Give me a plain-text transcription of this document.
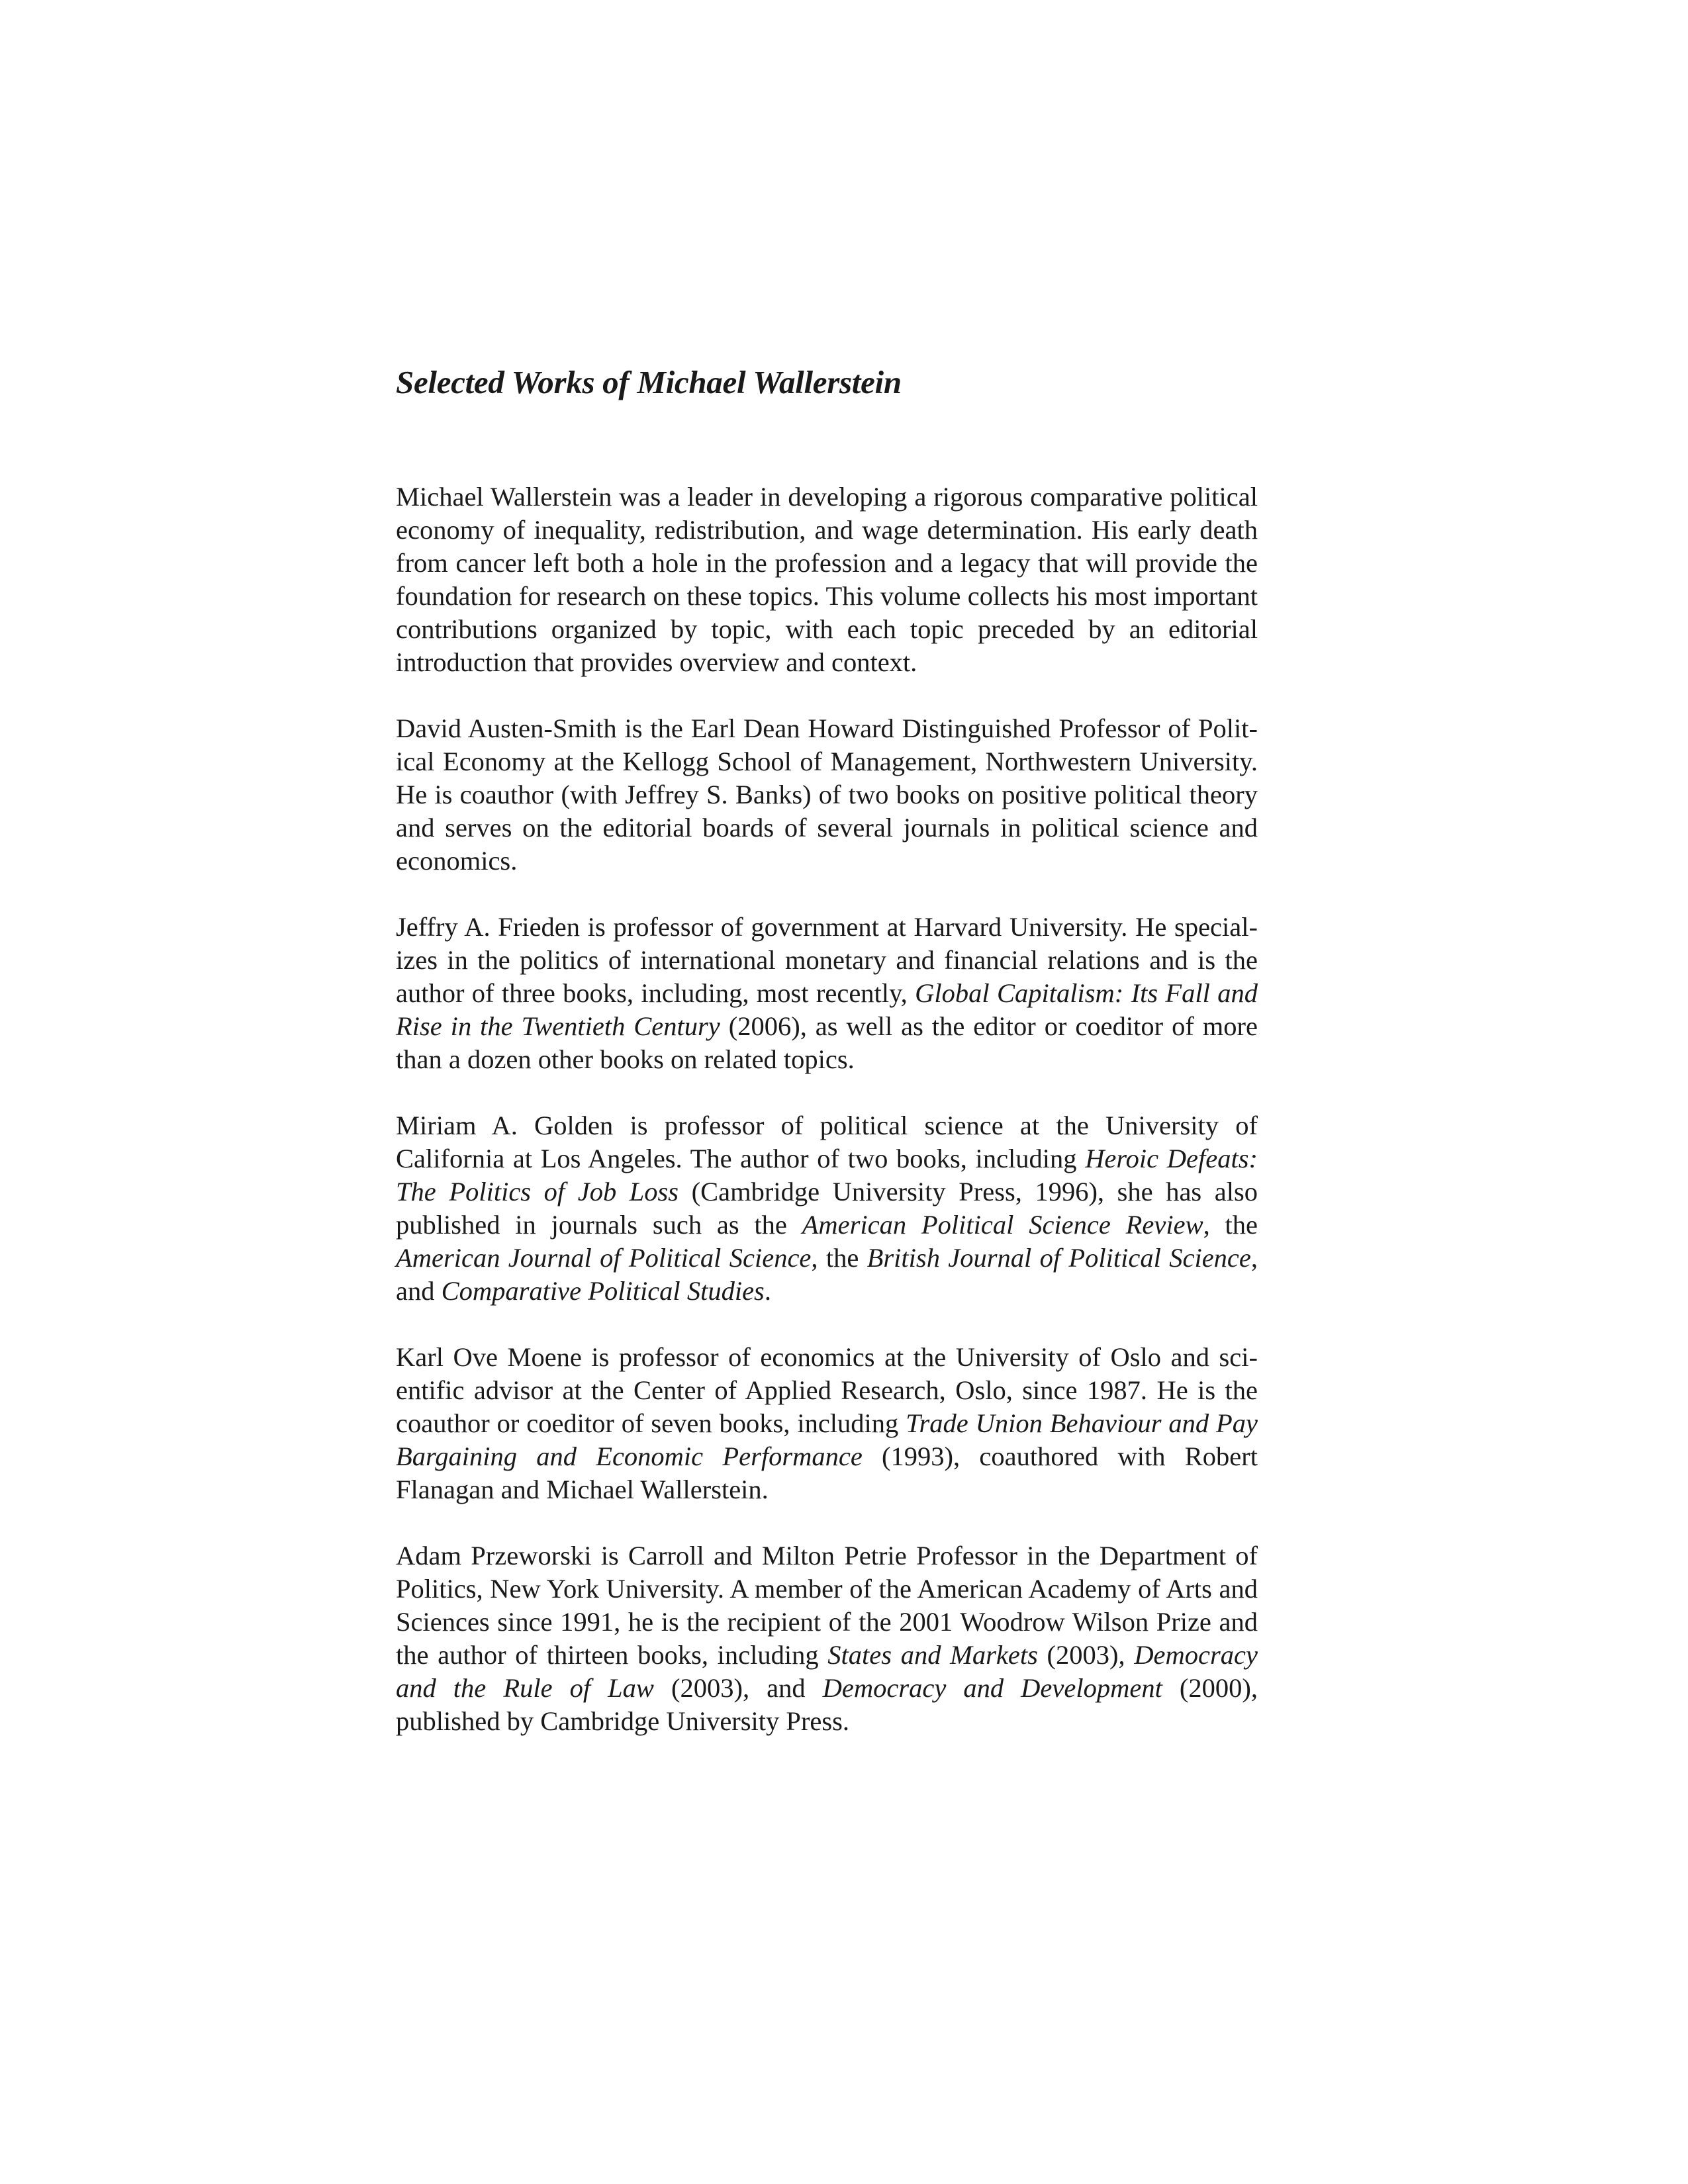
Selected Works of Michael Wallerstein

Michael Wallerstein was a leader in developing a rigorous comparative political economy of inequality, redistribution, and wage determination. His early death from cancer left both a hole in the profession and a legacy that will provide the foundation for research on these topics. This volume collects his most important contributions organized by topic, with each topic preceded by an editorial introduction that provides overview and context.

David Austen-Smith is the Earl Dean Howard Distinguished Professor of Political Economy at the Kellogg School of Management, Northwestern University. He is coauthor (with Jeffrey S. Banks) of two books on positive political theory and serves on the editorial boards of several journals in political science and economics.

Jeffry A. Frieden is professor of government at Harvard University. He specializes in the politics of international monetary and financial relations and is the author of three books, including, most recently, Global Capitalism: Its Fall and Rise in the Twentieth Century (2006), as well as the editor or coeditor of more than a dozen other books on related topics.

Miriam A. Golden is professor of political science at the University of California at Los Angeles. The author of two books, including Heroic Defeats: The Politics of Job Loss (Cambridge University Press, 1996), she has also published in journals such as the American Political Science Review, the American Journal of Political Science, the British Journal of Political Science, and Comparative Political Studies.

Karl Ove Moene is professor of economics at the University of Oslo and scientific advisor at the Center of Applied Research, Oslo, since 1987. He is the coauthor or coeditor of seven books, including Trade Union Behaviour and Pay Bargaining and Economic Performance (1993), coauthored with Robert Flanagan and Michael Wallerstein.

Adam Przeworski is Carroll and Milton Petrie Professor in the Department of Politics, New York University. A member of the American Academy of Arts and Sciences since 1991, he is the recipient of the 2001 Woodrow Wilson Prize and the author of thirteen books, including States and Markets (2003), Democracy and the Rule of Law (2003), and Democracy and Development (2000), published by Cambridge University Press.
